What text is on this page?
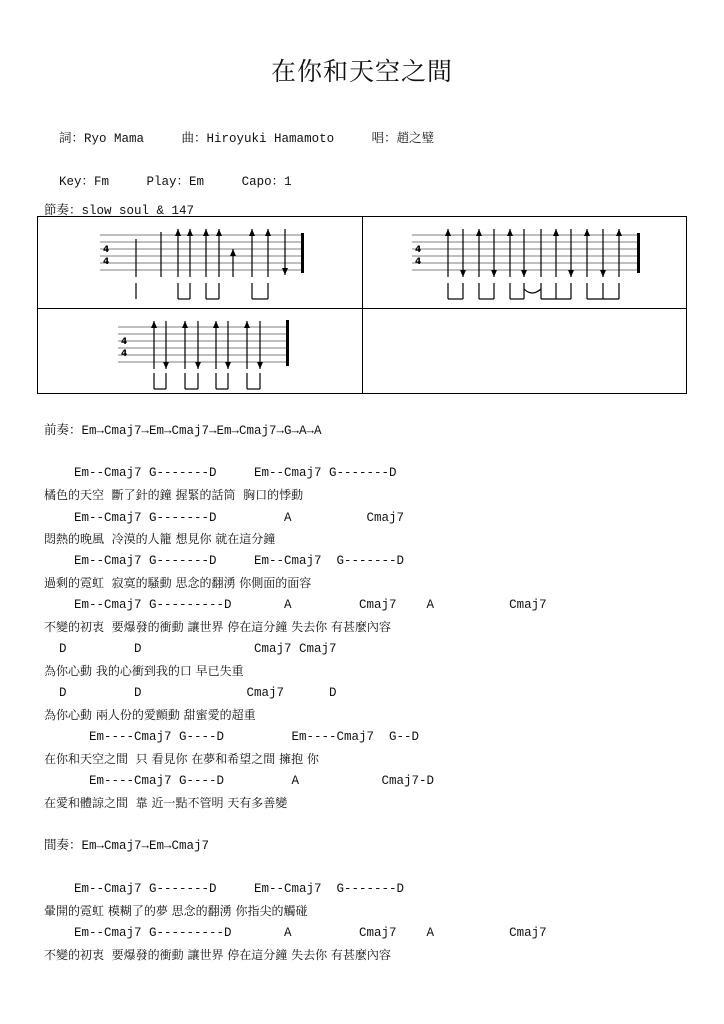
在你和天空之間

詞：Ryo Mama	曲：Hiroyuki Hamamoto	唱：趙之璧

Key：Fm	Play：Em	Capo：1

節奏：slow soul & 147
4
4
4
4
4
4
前奏：Em→Cmaj7→Em→Cmaj7→Em→Cmaj7→G→A→A
Em--Cmaj7 G-------D     Em--Cmaj7 G-------D
橘色的天空  斷了針的鐘 握緊的話筒  胸口的悸動
Em--Cmaj7 G-------D         A          Cmaj7
悶熱的晚風  冷漠的人籠 想見你 就在這分鐘
Em--Cmaj7 G-------D     Em--Cmaj7  G-------D
過剩的霓虹  寂寞的騷動 思念的翻湧 你側面的面容
Em--Cmaj7 G---------D       A         Cmaj7    A          Cmaj7
不變的初衷  要爆發的衝動 讓世界 停在這分鐘 失去你 有甚麼內容
D         D               Cmaj7 Cmaj7
為你心動 我的心衝到我的口 早已失重
D         D              Cmaj7      D
為你心動 兩人份的愛顫動 甜蜜愛的超重
Em----Cmaj7 G----D         Em----Cmaj7  G--D
在你和天空之間  只 看見你 在夢和希望之間 擁抱 你
Em----Cmaj7 G----D         A           Cmaj7-D
在愛和體諒之間  靠 近一點不管明 天有多善變
間奏：Em→Cmaj7→Em→Cmaj7
Em--Cmaj7 G-------D     Em--Cmaj7  G-------D
暈開的霓虹 模糊了的夢 思念的翻湧 你指尖的觸碰
Em--Cmaj7 G---------D       A         Cmaj7    A          Cmaj7
不變的初衷  要爆發的衝動 讓世界 停在這分鐘 失去你 有甚麼內容
